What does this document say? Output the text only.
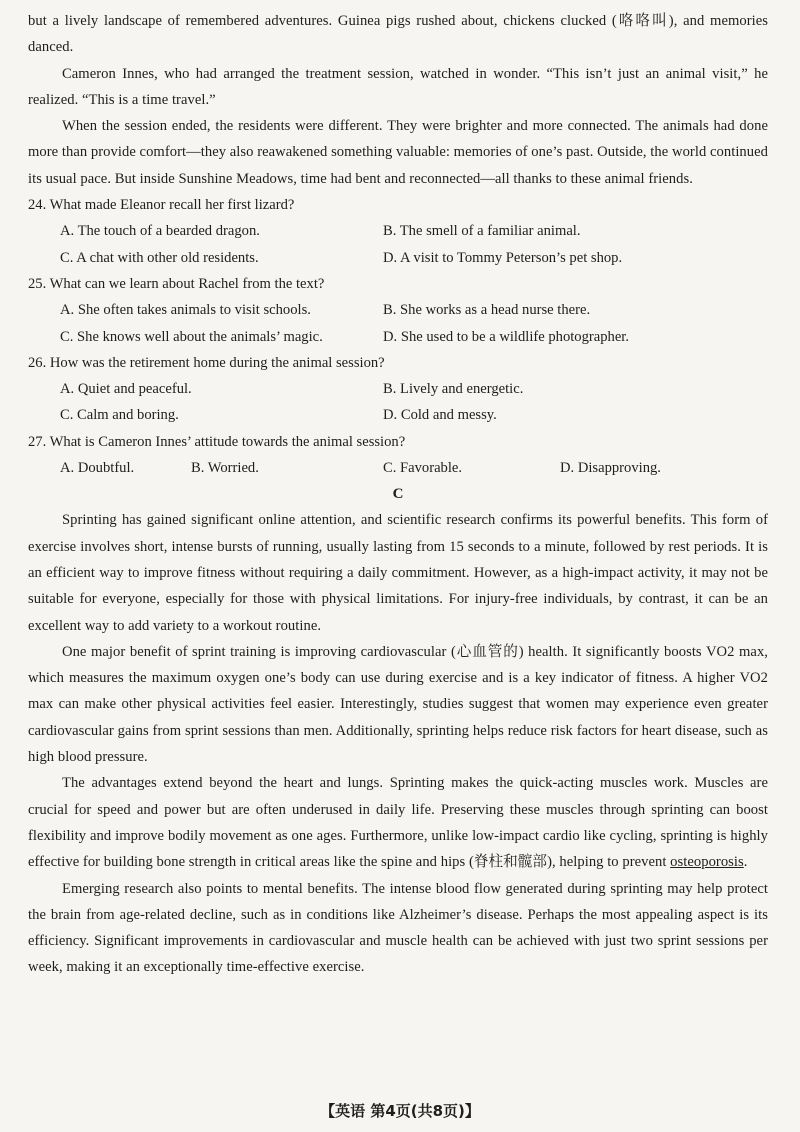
but a lively landscape of remembered adventures. Guinea pigs rushed about, chickens clucked (咯咯叫), and memories danced.

Cameron Innes, who had arranged the treatment session, watched in wonder. “This isn’t just an animal visit,” he realized. “This is a time travel.”

When the session ended, the residents were different. They were brighter and more connected. The animals had done more than provide comfort—they also reawakened something valuable: memories of one’s past. Outside, the world continued its usual pace. But inside Sunshine Meadows, time had bent and reconnected—all thanks to these animal friends.

24. What made Eleanor recall her first lizard?

A. The touch of a bearded dragon.	B. The smell of a familiar animal.
C. A chat with other old residents.	D. A visit to Tommy Peterson’s pet shop.

25. What can we learn about Rachel from the text?

A. She often takes animals to visit schools.	B. She works as a head nurse there.
C. She knows well about the animals’ magic.	D. She used to be a wildlife photographer.

26. How was the retirement home during the animal session?

A. Quiet and peaceful.	B. Lively and energetic.
C. Calm and boring.	D. Cold and messy.

27. What is Cameron Innes’ attitude towards the animal session?

A. Doubtful.	B. Worried.	C. Favorable.	D. Disapproving.

C

Sprinting has gained significant online attention, and scientific research confirms its powerful benefits. This form of exercise involves short, intense bursts of running, usually lasting from 15 seconds to a minute, followed by rest periods. It is an efficient way to improve fitness without requiring a daily commitment. However, as a high-impact activity, it may not be suitable for everyone, especially for those with physical limitations. For injury-free individuals, by contrast, it can be an excellent way to add variety to a workout routine.

One major benefit of sprint training is improving cardiovascular (心血管的) health. It significantly boosts VO2 max, which measures the maximum oxygen one’s body can use during exercise and is a key indicator of fitness. A higher VO2 max can make other physical activities feel easier. Interestingly, studies suggest that women may experience even greater cardiovascular gains from sprint sessions than men. Additionally, sprinting helps reduce risk factors for heart disease, such as high blood pressure.

The advantages extend beyond the heart and lungs. Sprinting makes the quick-acting muscles work. Muscles are crucial for speed and power but are often underused in daily life. Preserving these muscles through sprinting can boost flexibility and improve bodily movement as one ages. Furthermore, unlike low-impact cardio like cycling, sprinting is highly effective for building bone strength in critical areas like the spine and hips (脊柱和髋部), helping to prevent osteoporosis.

Emerging research also points to mental benefits. The intense blood flow generated during sprinting may help protect the brain from age-related decline, such as in conditions like Alzheimer’s disease. Perhaps the most appealing aspect is its efficiency. Significant improvements in cardiovascular and muscle health can be achieved with just two sprint sessions per week, making it an exceptionally time-effective exercise.

【英语 第4页(共8页)】
